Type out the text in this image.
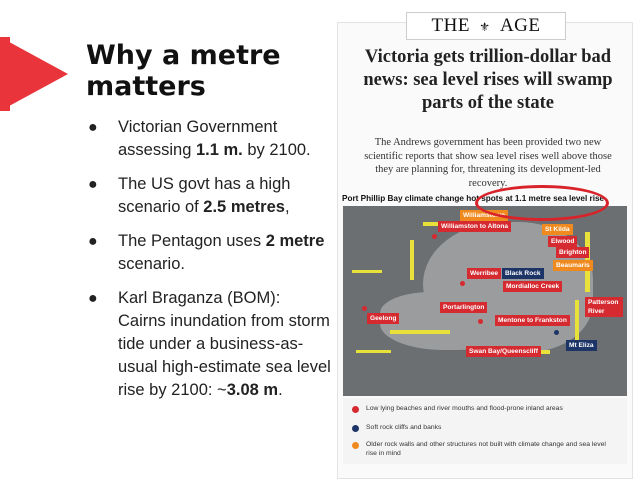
Why a metre matters
● Victorian Government assessing 1.1 m. by 2100.
● The US govt has a high scenario of 2.5 metres,
● The Pentagon uses 2 metre scenario.
● Karl Braganza (BOM): Cairns inundation from storm tide under a business-as-usual high-estimate sea level rise by 2100: ~3.08 m.
THE ⚜ AGE
Victoria gets trillion-dollar bad news: sea level rises will swamp parts of the state
The Andrews government has been provided two new scientific reports that show sea level rises well above those they are planning for, threatening its development-led recovery.
Port Phillip Bay climate change hot spots at 1.1 metre sea level rise
Williamstown
Williamston to Altona	St Kilda
Elwood
Brighton
Beaumaris
Werribee	Black Rock
Mordialloc Creek
Patterson River
Portarlington
Geelong	Mentone to Frankston
Swan Bay/Queenscliff
Mt Eliza
Low lying beaches and river mouths and flood-prone inland areas
Soft rock cliffs and banks
Older rock walls and other structures not built with climate change and sea level rise in mind
